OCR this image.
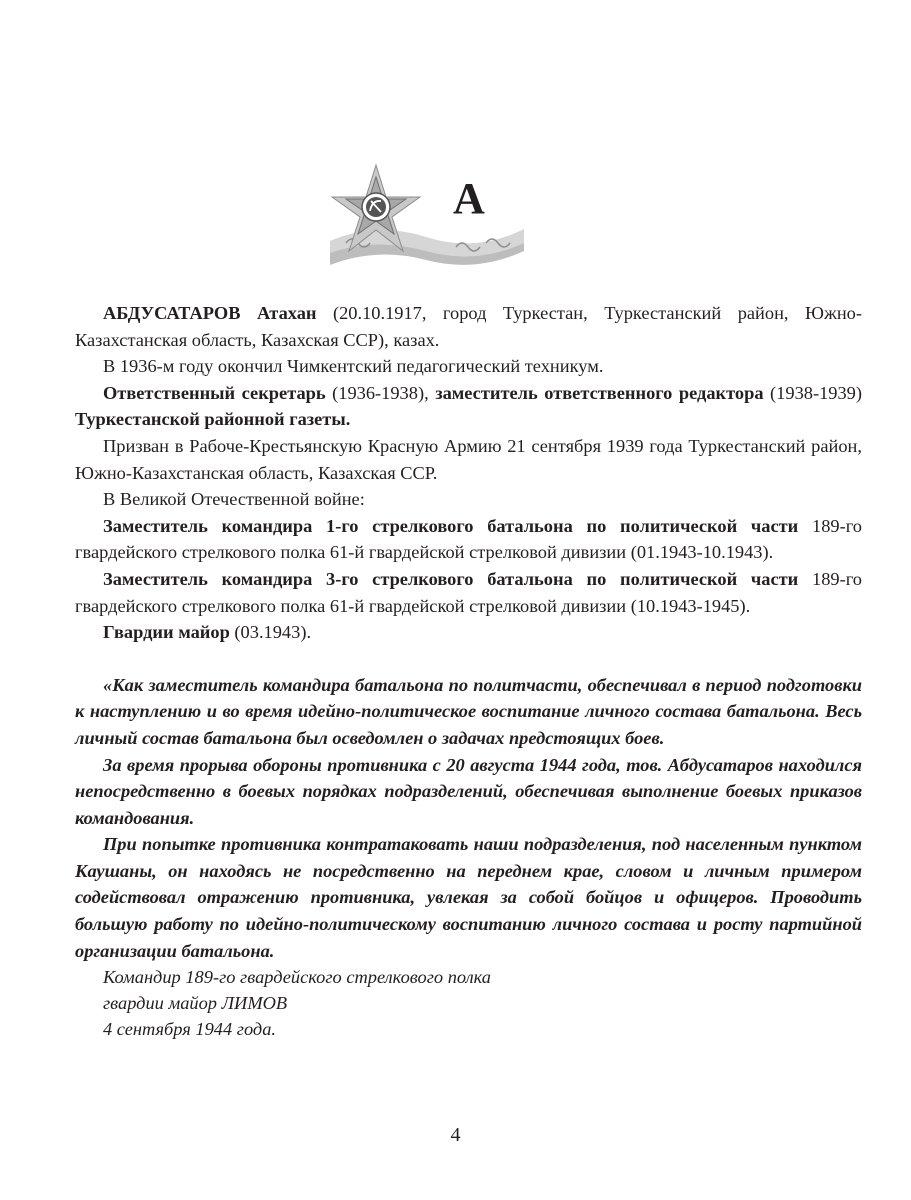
А

АБДУСАТАРОВ Атахан (20.10.1917, город Туркестан, Туркестанский район, Южно-Казахстанская область, Казахская ССР), казах.

В 1936-м году окончил Чимкентский педагогический техникум.

Ответственный секретарь (1936-1938), заместитель ответственного редактора (1938-1939) Туркестанской районной газеты.

Призван в Рабоче-Крестьянскую Красную Армию 21 сентября 1939 года Туркестанский район, Южно-Казахстанская область, Казахская ССР.

В Великой Отечественной войне:

Заместитель командира 1-го стрелкового батальона по политической части 189-го гвардейского стрелкового полка 61-й гвардейской стрелковой дивизии (01.1943-10.1943).

Заместитель командира 3-го стрелкового батальона по политической части 189-го гвардейского стрелкового полка 61-й гвардейской стрелковой дивизии (10.1943-1945).

Гвардии майор (03.1943).

«Как заместитель командира батальона по политчасти, обеспечивал в период подготовки к наступлению и во время идейно-политическое воспитание личного состава батальона. Весь личный состав батальона был осведомлен о задачах предстоящих боев.

За время прорыва обороны противника с 20 августа 1944 года, тов. Абдусатаров находился непосредственно в боевых порядках подразделений, обеспечивая выполнение боевых приказов командования.

При попытке противника контратаковать наши подразделения, под населенным пунктом Каушаны, он находясь не посредственно на переднем крае, словом и личным примером содействовал отражению противника, увлекая за собой бойцов и офицеров. Проводить большую работу по идейно-политическому воспитанию личного состава и росту партийной организации батальона.

Командир 189-го гвардейского стрелкового полка
гвардии майор ЛИМОВ
4 сентября 1944 года.
4
